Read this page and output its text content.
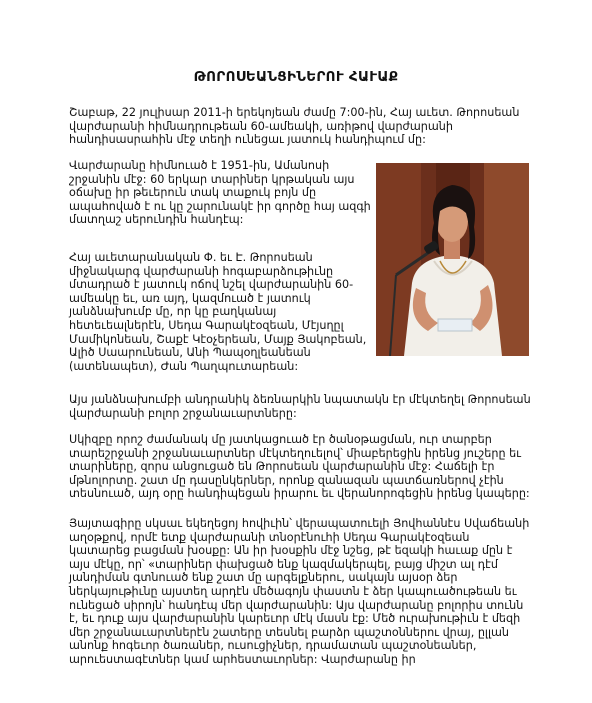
ԹՈՐՈՍԵԱՆՑԻՆԵՐՈՒ ՀԱՒԱՔ

Շաբաթ, 22 յուլիսար 2011-ի երեկոյեան ժամը 7:00-ին, Հայ աւետ. Թորոսեան վարժարանի հիմնադրութեան 60-ամեակի, առիթով վարժարանի հանդիսասրահին մէջ տեղի ունեցաւ յատուկ հանդիպում մը:

Վարժարանը հիմնուած է 1951-ին, Ամանոսի շրջանին մէջ: 60 երկար տարիներ կրթական այս օճախը իր թեւերուն տակ տաքուկ բոյն մը ապահոված է ու կը շարունակէ իր գործը հայ ազգի մատղաշ սերունդին հանդէպ:

Հայ աւետարանական Փ. եւ Է. Թորոսեան միջնակարգ վարժարանի հոգաբարձութիւնը մտադրած է յատուկ ոճով նշել վարժարանին 60-ամեակը եւ, առ այդ, կազմուած է յատուկ յանձնախումբ մը, որ կը բաղկանայ հետեւեալներէն, Սեդա Գարակէօզեան, Մէյսղըլ Մամիկոնեան, Շաքէ Կէօչերեան, Մայք Յակոբեան, Ալիծ Սաարունեան, Անի Պապօղլեանեան (ատենապետ), Ժան Պաղպուտարեան:

Այս յանձնախումբի անդրանիկ ձեռնարկին նպատակն էր մէկտեղել Թորոսեան վարժարանի բոլոր շրջանաւարտները:

Սկիզբը որոշ ժամանակ մը յատկացուած էր ծանօթացման, ուր տարբեր տարեշրջանի շրջանաւարտներ մէկտեղուելով՝ միաբերեցին իրենց յուշերը եւ տարիները, զորս անցուցած են Թորոսեան վարժարանին մէջ: Հաճելի էր մթնոլորտը. շատ մը դասընկերներ, որոնք զանազան պատճառներով չէին տեսնուած, այդ օրը հանդիպեցան իրարու եւ վերանորոգեցին իրենց կապերը:

Յայտագիրը սկսաւ եկեղեցոյ հովիւին՝ վերապատուելի Յովհաննէս Սվաճեանի աղօթքով, որմէ ետք վարժարանի տնօրէնուհի Սեդա Գարակէօզեան կատարեց բացման խօսքը: Ան իր խօսքին մէջ նշեց, թէ եզակի հաւաք մըն է այս մէկը, որ՝ «տարիներ փախցած ենք կազմակերպել, բայց միշտ ալ դէմ յանդիման գտնուած ենք շատ մը արգելքներու, սակայն այսօր ձեր ներկայութիւնը այստեղ արդէն մեծագոյն փաստն է ձեր կապուածութեան եւ ունեցած սիրոյն՝ հանդէպ մեր վարժարանին: Այս վարժարանը բոլորիս տունն է, եւ դուք այս վարժարանին կարեւոր մէկ մասն էք: Մեծ ուրախութիւն է մեզի մեր շրջանաւարտներէն շատերը տեսնել բարձր պաշտօններու վրայ, ըլլան անոնք հոգեւոր ծառաներ, ուսուցիչներ, դրամատան պաշտօնեաներ, արուեստագէտներ կամ արհեստաւորներ: Վարժարանը իր
